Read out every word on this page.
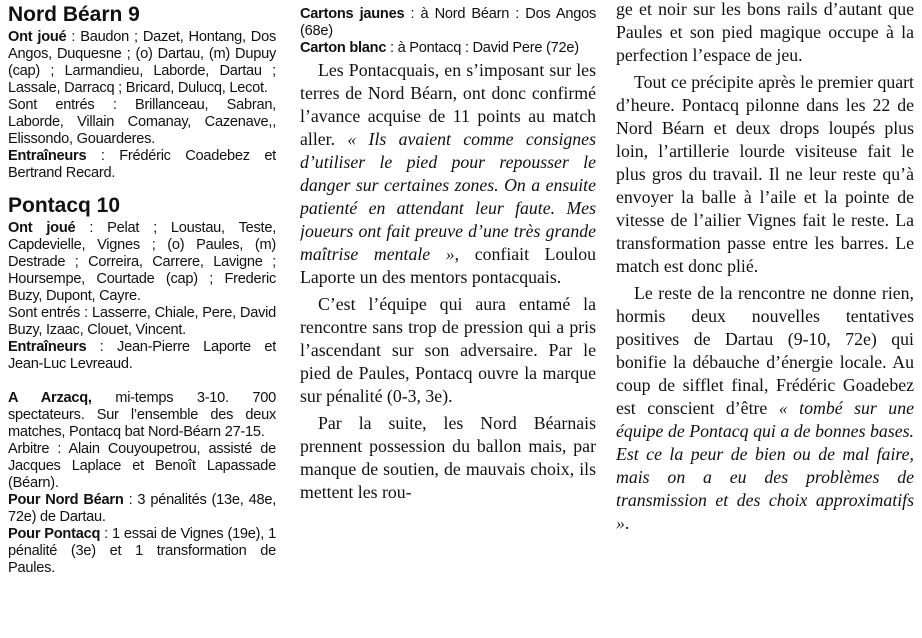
Nord Béarn 9
Ont joué : Baudon ; Dazet, Hontang, Dos Angos, Duquesne ; (o) Dartau, (m) Dupuy (cap) ; Larmandieu, Laborde, Dartau ; Lassale, Darracq ; Bricard, Dulucq, Lecot.
Sont entrés : Brillanceau, Sabran, Laborde, Villain Comanay, Cazenave,, Elissondo, Gouarderes.
Entraîneurs : Frédéric Coadebez et Bertrand Recard.
Pontacq 10
Ont joué : Pelat ; Loustau, Teste, Capdevielle, Vignes ; (o) Paules, (m) Destrade ; Correira, Carrere, Lavigne ; Hoursempe, Courtade (cap) ; Frederic Buzy, Dupont, Cayre.
Sont entrés : Lasserre, Chiale, Pere, David Buzy, Izaac, Clouet, Vincent.
Entraîneurs : Jean-Pierre Laporte et Jean-Luc Levreaud.
A Arzacq, mi-temps 3-10. 700 spectateurs. Sur l’ensemble des deux matches, Pontacq bat Nord-Béarn 27-15.
Arbitre : Alain Couyoupetrou, assisté de Jacques Laplace et Benoît Lapassade (Béarn).
Pour Nord Béarn : 3 pénalités (13e, 48e, 72e) de Dartau.
Pour Pontacq : 1 essai de Vignes (19e), 1 pénalité (3e) et 1 transformation de Paules.
Cartons jaunes : à Nord Béarn : Dos Angos (68e)
Carton blanc : à Pontacq : David Pere (72e)

Les Pontacquais, en s’imposant sur les terres de Nord Béarn, ont donc confirmé l’avance acquise de 11 points au match aller. « Ils avaient comme consignes d’utiliser le pied pour repousser le danger sur certaines zones. On a ensuite patienté en attendant leur faute. Mes joueurs ont fait preuve d’une très grande maîtrise mentale », confiait Loulou Laporte un des mentors pontacquais.

C’est l’équipe qui aura entamé la rencontre sans trop de pression qui a pris l’ascendant sur son adversaire. Par le pied de Paules, Pontacq ouvre la marque sur pénalité (0-3, 3e).

Par la suite, les Nord Béarnais prennent possession du ballon mais, par manque de soutien, de mauvais choix, ils mettent les rou-

ge et noir sur les bons rails d’autant que Paules et son pied magique occupe à la perfection l’espace de jeu.

Tout ce précipite après le premier quart d’heure. Pontacq pilonne dans les 22 de Nord Béarn et deux drops loupés plus loin, l’artillerie lourde visiteuse fait le plus gros du travail. Il ne leur reste qu’à envoyer la balle à l’aile et la pointe de vitesse de l’ailier Vignes fait le reste. La transformation passe entre les barres. Le match est donc plié.

Le reste de la rencontre ne donne rien, hormis deux nouvelles tentatives positives de Dartau (9-10, 72e) qui bonifie la débauche d’énergie locale. Au coup de sifflet final, Frédéric Goadebez est conscient d’être « tombé sur une équipe de Pontacq qui a de bonnes bases. Est ce la peur de bien ou de mal faire, mais on a eu des problèmes de transmission et des choix approximatifs ».
